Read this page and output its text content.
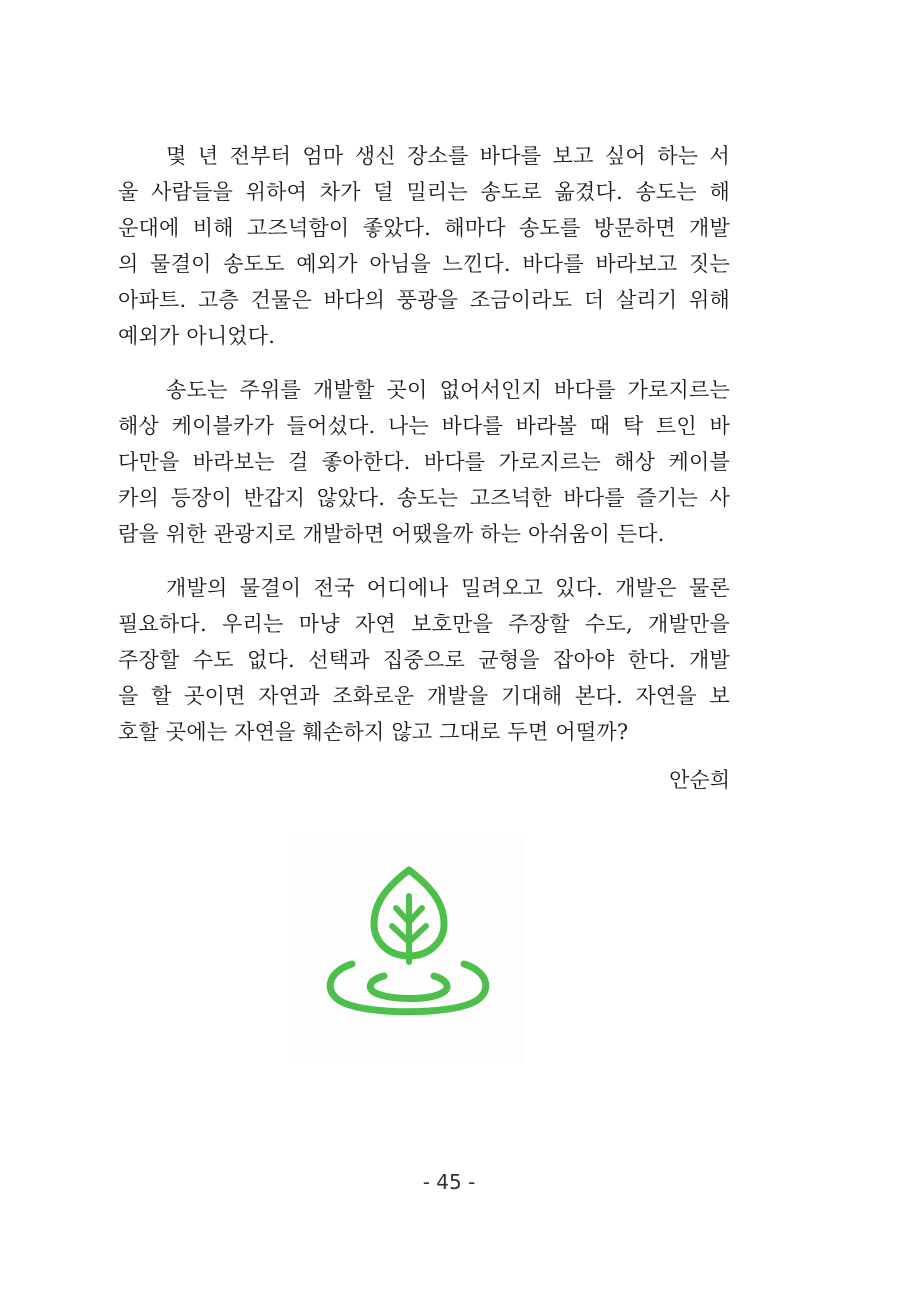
몇 년 전부터 엄마 생신 장소를 바다를 보고 싶어 하는 서
울 사람들을 위하여 차가 덜 밀리는 송도로 옮겼다. 송도는 해
운대에 비해 고즈넉함이 좋았다. 해마다 송도를 방문하면 개발
의 물결이 송도도 예외가 아님을 느낀다. 바다를 바라보고 짓는
아파트. 고층 건물은 바다의 풍광을 조금이라도 더 살리기 위해
예외가 아니었다.
송도는 주위를 개발할 곳이 없어서인지 바다를 가로지르는
해상 케이블카가 들어섰다. 나는 바다를 바라볼 때 탁 트인 바
다만을 바라보는 걸 좋아한다. 바다를 가로지르는 해상 케이블
카의 등장이 반갑지 않았다. 송도는 고즈넉한 바다를 즐기는 사
람을 위한 관광지로 개발하면 어땠을까 하는 아쉬움이 든다.
개발의 물결이 전국 어디에나 밀려오고 있다. 개발은 물론
필요하다. 우리는 마냥 자연 보호만을 주장할 수도, 개발만을
주장할 수도 없다. 선택과 집중으로 균형을 잡아야 한다. 개발
을 할 곳이면 자연과 조화로운 개발을 기대해 본다. 자연을 보
호할 곳에는 자연을 훼손하지 않고 그대로 두면 어떨까?
안순희
- 45 -
